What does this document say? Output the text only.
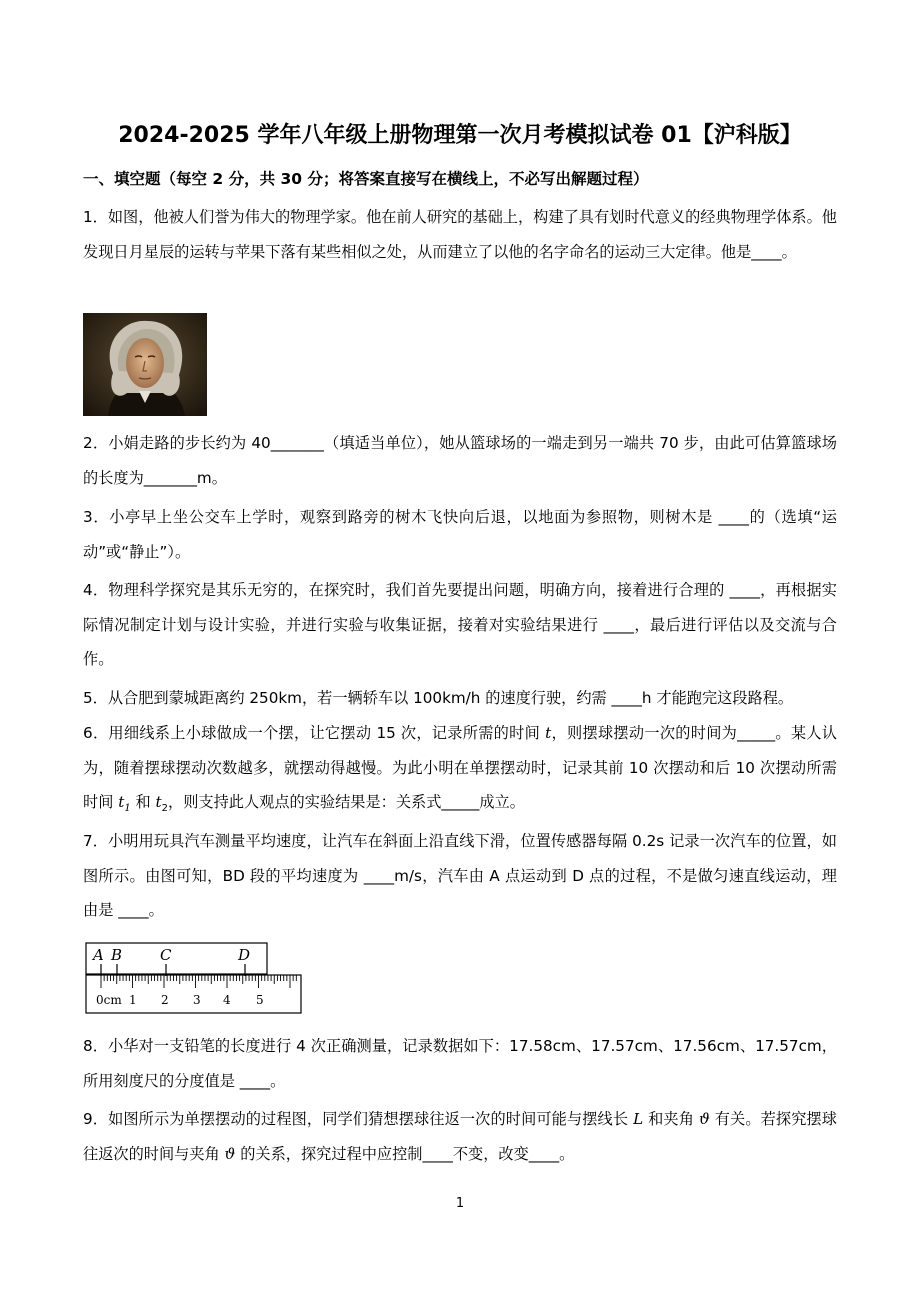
2024-2025 学年八年级上册物理第一次月考模拟试卷 01【沪科版】
一、填空题（每空 2 分，共 30 分；将答案直接写在横线上，不必写出解题过程）
1．如图，他被人们誉为伟大的物理学家。他在前人研究的基础上，构建了具有划时代意义的经典物理学体系。他发现日月星辰的运转与苹果下落有某些相似之处，从而建立了以他的名字命名的运动三大定律。他是____。
2．小娟走路的步长约为 40_______（填适当单位），她从篮球场的一端走到另一端共 70 步，由此可估算篮球场的长度为_______m。
3．小亭早上坐公交车上学时，观察到路旁的树木飞快向后退，以地面为参照物，则树木是 ____的（选填“运动”或“静止”）。
4．物理科学探究是其乐无穷的，在探究时，我们首先要提出问题，明确方向，接着进行合理的 ____，再根据实际情况制定计划与设计实验，并进行实验与收集证据，接着对实验结果进行 ____，最后进行评估以及交流与合作。
5．从合肥到蒙城距离约 250km，若一辆轿车以 100km/h 的速度行驶，约需 ____h 才能跑完这段路程。
6．用细线系上小球做成一个摆，让它摆动 15 次，记录所需的时间 t，则摆球摆动一次的时间为_____。某人认为，随着摆球摆动次数越多，就摆动得越慢。为此小明在单摆摆动时，记录其前 10 次摆动和后 10 次摆动所需时间 $t_1$ 和 $t_2$，则支持此人观点的实验结果是：关系式_____成立。
7．小明用玩具汽车测量平均速度，让汽车在斜面上沿直线下滑，位置传感器每隔 0.2s 记录一次汽车的位置，如图所示。由图可知，BD 段的平均速度为 ____m/s，汽车由 A 点运动到 D 点的过程，不是做匀速直线运动，理由是 ____。
A B	C	D
0cm 1 2 3 4 5
8．小华对一支铅笔的长度进行 4 次正确测量，记录数据如下：17.58cm、17.57cm、17.56cm、17.57cm，所用刻度尺的分度值是 ____。
9．如图所示为单摆摆动的过程图，同学们猜想摆球往返一次的时间可能与摆线长 L 和夹角 ϑ 有关。若探究摆球往返次的时间与夹角 ϑ 的关系，探究过程中应控制____不变，改变____。
1
